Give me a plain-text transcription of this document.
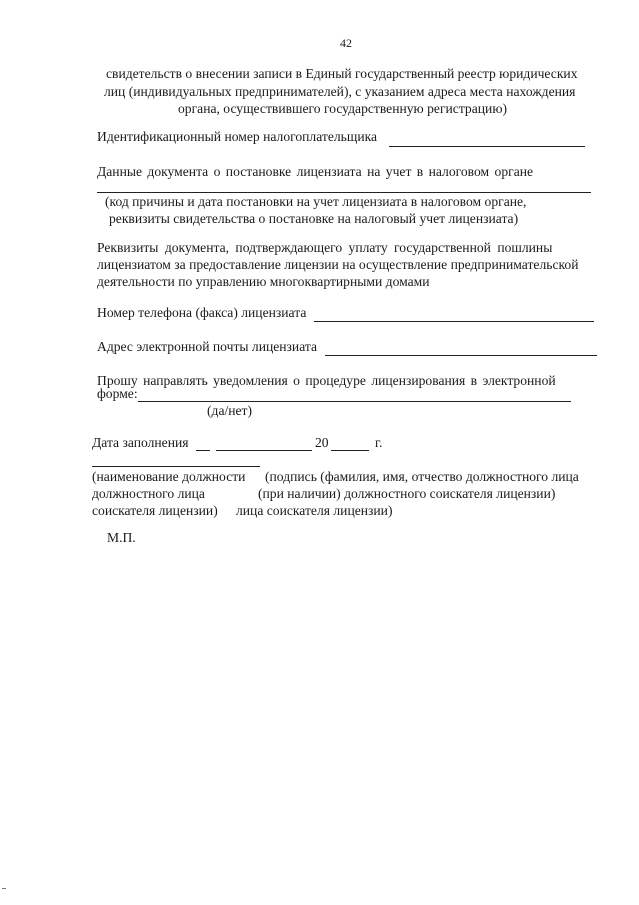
42
свидетельств о внесении записи в Единый государственный реестр юридических
лиц (индивидуальных предпринимателей), с указанием адреса места нахождения
органа, осуществившего государственную регистрацию)
Идентификационный номер налогоплательщика
Данные документа о постановке лицензиата на учет в налоговом органе
(код причины и дата постановки на учет лицензиата в налоговом органе,
реквизиты свидетельства о постановке на налоговый учет лицензиата)
Реквизиты документа, подтверждающего уплату государственной пошлины
лицензиатом за предоставление лицензии на осуществление предпринимательской
деятельности по управлению многоквартирными домами
Номер телефона (факса) лицензиата
Адрес электронной почты лицензиата
Прошу направлять уведомления о процедуре лицензирования в электронной
форме:
(да/нет)
Дата заполнения	20	г.
(наименование должности (подпись (фамилия, имя, отчество должностного лица
должностного лица	(при наличии) должностного соискателя лицензии)
соискателя лицензии) лица соискателя лицензии)
М.П.
